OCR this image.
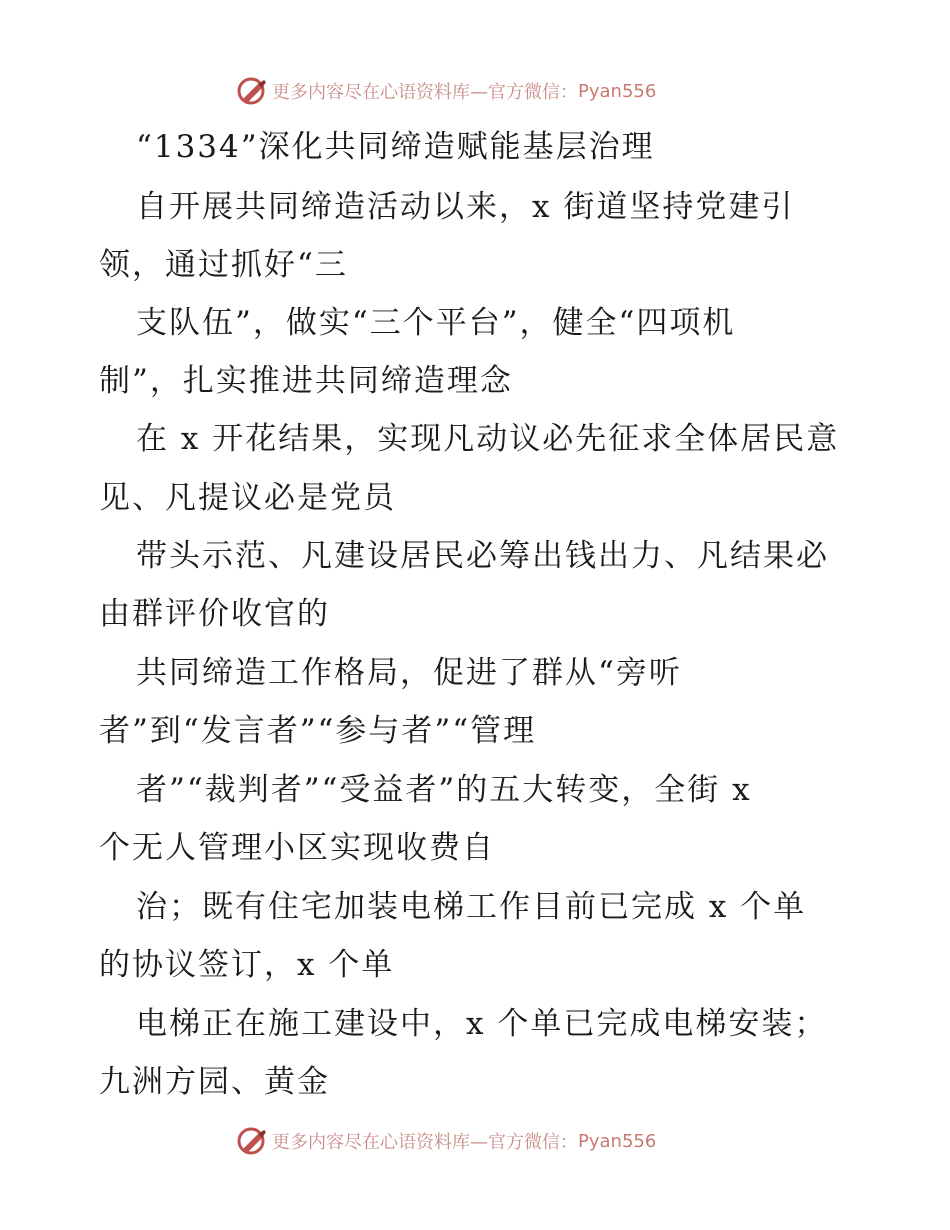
更多内容尽在心语资料库—官方微信： Pyan556
“1334”深化共同缔造赋能基层治理
自开展共同缔造活动以来，x 街道坚持党建引
领，通过抓好“三
支队伍”，做实“三个平台”，健全“四项机
制”，扎实推进共同缔造理念
在 x 开花结果，实现凡动议必先征求全体居民意
见、凡提议必是党员
带头示范、凡建设居民必筹出钱出力、凡结果必
由群评价收官的
共同缔造工作格局，促进了群从“旁听
者”到“发言者”“参与者”“管理
者”“裁判者”“受益者”的五大转变，全街 x
个无人管理小区实现收费自
治；既有住宅加装电梯工作目前已完成 x 个单
的协议签订，x 个单
电梯正在施工建设中，x 个单已完成电梯安装；
九洲方园、黄金
更多内容尽在心语资料库—官方微信： Pyan556
